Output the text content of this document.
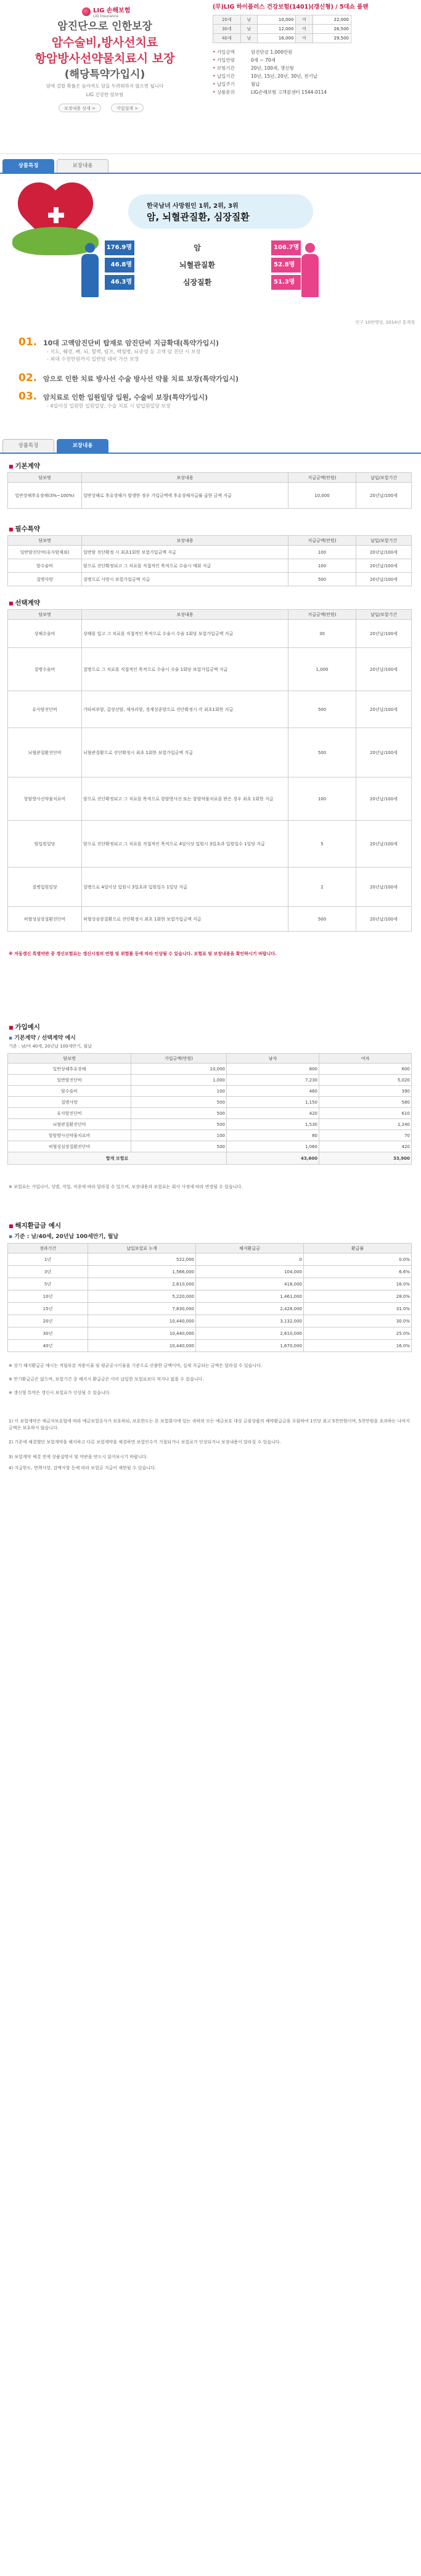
LIG 손해보험
LIG Insurance
암진단으로 인한보장
암수술비,방사선치료
항암방사선약물치료시 보장
(해당특약가입시)
암에 걸릴 확률은 높아져도 암을 두려워하지 않으면 됩니다
LIG 건강한 암보험
보장내용 상세 >	가입설계 >
(무)LIG 하이플러스 건강보험(1401)(갱신형) / 5대쇼 플랜
20세	남	10,000	여	22,000
30세	남	12,000	여	26,500
40세	남	16,000	여	29,500
• 가입금액	암진단금 1,000만원
• 가입연령	0세 ~ 70세
• 보험기간	20년, 100세, 갱신형
• 납입기간	10년, 15년, 20년, 30년, 전기납
• 납입주기	월납
• 상품문의	LIG손해보험 고객콜센터 1544-0114
상품특징	보장내용
한국남녀 사망원인 1위, 2위, 3위
암, 뇌혈관질환, 심장질환
176.9명	암	106.7명
46.8명	뇌혈관질환	52.8명
46.3명	심장질환	51.3명
인구 10만명당, 2014년 통계청
01. 10대 고액암진단비 탑재로 암진단비 지급확대(특약가입시)
- 식도, 췌장, 뼈, 뇌, 혈액, 림프, 백혈병, 뇌종양 등 고액 암 진단 시 보장
- 최대 수천만원까지 일반암 대비 가산 보장
02. 암으로 인한 치료 방사선 수술 방사선 약물 치료 보장(특약가입시)
03. 암치료로 인한 입원일당 입원, 수술비 보장(특약가입시)
- 4일이상 입원한 입원일당, 수술 치료 시 암입원일당 보장
상품특징	보장내용
■ 기본계약
담보명	보장내용	지급금액(만원)	납입/보험기간
일반상해후유장해(3%~100%)	일반상해로 후유장해가 발생한 경우 가입금액에 후유장해지급률 곱한 금액 지급	10,000	20년납/100세
■ 필수특약
담보명	보장내용	지급금액(만원)	납입/보험기간
일반암진단비(유사암제외)	일반암 진단확정 시 최초1회한 보험가입금액 지급	100	20년납/100세
암수술비	암으로 진단확정되고 그 치료를 직접적인 목적으로 수술시 매회 지급	100	20년납/100세
질병사망	질병으로 사망시 보험가입금액 지급	500	20년납/100세
■ 선택계약
담보명	보장내용	지급금액(만원)	납입/보험기간
상해수술비	상해를 입고 그 치료를 직접적인 목적으로 수술시 수술 1회당 보험가입금액 지급	30	20년납/100세
질병수술비	질병으로 그 치료를 직접적인 목적으로 수술시 수술 1회당 보험가입금액 지급	1,000	20년납/100세
유사암진단비	기타피부암, 갑상선암, 제자리암, 경계성종양으로 진단확정시 각 최초1회한 지급	500	20년납/100세
뇌혈관질환진단비	뇌혈관질환으로 진단확정시 최초 1회한 보험가입금액 지급	500	20년납/100세
항암방사선약물치료비	암으로 진단확정되고 그 치료를 목적으로 항암방사선 또는 항암약물치료를 받은 경우 최초 1회한 지급	100	20년납/100세
암입원일당	암으로 진단확정되고 그 치료를 직접적인 목적으로 4일이상 입원시 3일초과 입원일수 1일당 지급	5	20년납/100세
질병입원일당	질병으로 4일이상 입원시 3일초과 입원일수 1일당 지급	2	20년납/100세
허혈성심장질환진단비	허혈성심장질환으로 진단확정시 최초 1회한 보험가입금액 지급	500	20년납/100세
※ 자동갱신 특별약관 중 갱신보험료는 갱신시점의 연령 및 위험률 등에 따라 인상될 수 있습니다. 보험료 및 보장내용을 확인하시기 바랍니다.
■ 가입예시
▪ 기본계약 / 선택계약 예시
기준 : 남/여 40세, 20년납 100세만기, 월납
담보명	가입금액(만원)	남자	여자
일반상해후유장해	10,000	800	600
일반암진단비	1,000	7,230	5,020
암수술비	100	460	390
질병사망	500	1,150	580
유사암진단비	500	420	610
뇌혈관질환진단비	500	1,530	1,240
항암방사선약물치료비	100	80	70
허혈성심장질환진단비	500	1,060	420
합계 보험료		43,600	33,900
※ 보험료는 가입나이, 성별, 직업, 직종에 따라 달라질 수 있으며, 보장내용과 보험료는 회사 사정에 따라 변경될 수 있습니다.
■ 해지환급금 예시
▪ 기준 : 남/40세, 20년납 100세만기, 월납
경과기간	납입보험료 누계	해지환급금	환급률
1년	522,000	0	0.0%
3년	1,566,000	104,000	6.6%
5년	2,610,000	418,000	16.0%
10년	5,220,000	1,461,000	28.0%
15년	7,830,000	2,428,000	31.0%
20년	10,440,000	3,132,000	30.0%
30년	10,440,000	2,610,000	25.0%
40년	10,440,000	1,670,000	16.0%
※ 상기 해지환급금 예시는 적립부분 적용이율 및 평균공시이율을 기준으로 산출한 금액이며, 실제 지급되는 금액은 달라질 수 있습니다.
※ 만기환급금은 없으며, 보험기간 중 해지시 환급금은 이미 납입한 보험료보다 적거나 없을 수 있습니다.
※ 갱신형 특약은 갱신시 보험료가 인상될 수 있습니다.
1) 이 보험계약은 예금자보호법에 따라 예금보험공사가 보호하되, 보호한도는 본 보험회사에 있는 귀하의 모든 예금보호 대상 금융상품의 해약환급금을 포함하여 1인당 최고 5천만원이며, 5천만원을 초과하는 나머지 금액은 보호하지 않습니다.
2) 기존에 체결했던 보험계약을 해지하고 다른 보험계약을 체결하면 보험인수가 거절되거나 보험료가 인상되거나 보장내용이 달라질 수 있습니다.
3) 보험계약 체결 전에 상품설명서 및 약관을 반드시 읽어보시기 바랍니다.
4) 지급한도, 면책사항, 감액사항 등에 따라 보험금 지급이 제한될 수 있습니다.
